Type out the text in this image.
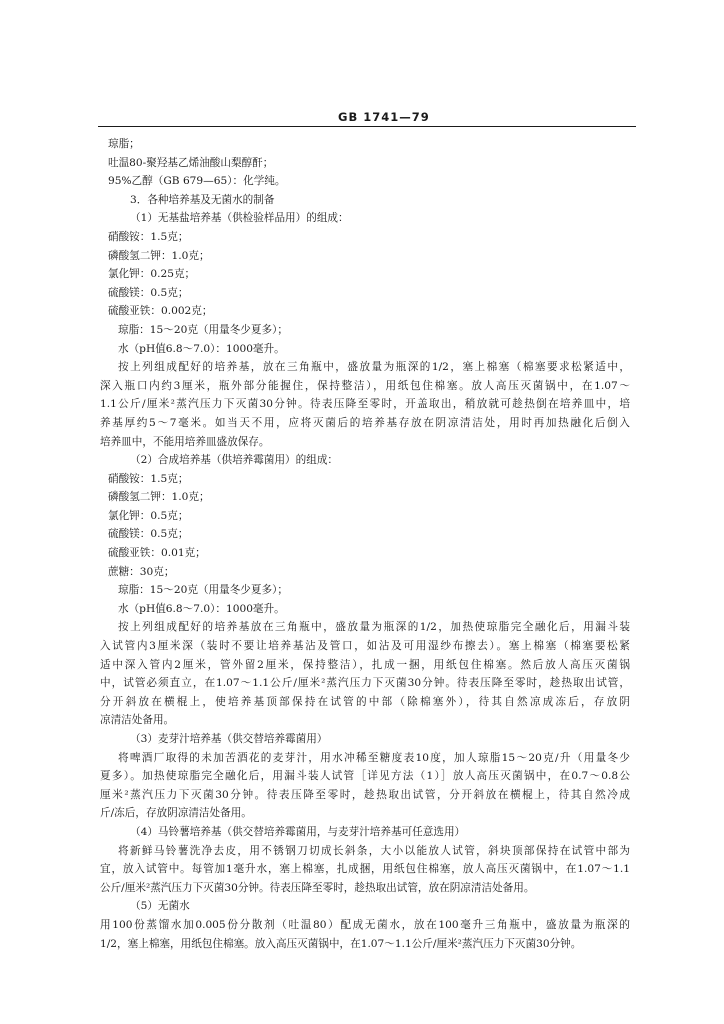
GB 1741—79
琼脂；
吐温80-聚羟基乙烯油酸山梨醇酐；
95%乙醇（GB 679—65）：化学纯。
3．各种培养基及无菌水的制备
（1）无基盐培养基（供检验样品用）的组成：
硝酸铵：1.5克；
磷酸氢二钾：1.0克；
氯化钾：0.25克；
硫酸镁：0.5克；
硫酸亚铁：0.002克；
琼脂：15～20克（用量冬少夏多）；
水（pH值6.8～7.0）：1000毫升。
按上列组成配好的培养基，放在三角瓶中，盛放量为瓶深的1/2，塞上棉塞（棉塞要求松紧适中，
深入瓶口内约3厘米，瓶外部分能握住，保持整洁），用纸包住棉塞。放人高压灭菌锅中，在1.07～
1.1公斤/厘米²蒸汽压力下灭菌30分钟。待表压降至零时，开盖取出，稍放就可趁热倒在培养皿中，培
养基厚约5～7毫米。如当天不用，应将灭菌后的培养基存放在阴凉清洁处，用时再加热融化后倒入
培养皿中，不能用培养皿盛放保存。
（2）合成培养基（供培养霉菌用）的组成：
硝酸铵：1.5克；
磷酸氢二钾：1.0克；
氯化钾：0.5克；
硫酸镁：0.5克；
硫酸亚铁：0.01克；
蔗糖：30克；
琼脂：15～20克（用量冬少夏多）；
水（pH值6.8～7.0）：1000毫升。
按上列组成配好的培养基放在三角瓶中，盛放量为瓶深的1/2，加热使琼脂完全融化后，用漏斗装
入试管内3厘米深（装时不要让培养基沾及管口，如沾及可用湿纱布擦去）。塞上棉塞（棉塞要松紧
适中深入管内2厘米，管外留2厘米，保持整洁），扎成一捆，用纸包住棉塞。然后放人高压灭菌锅
中，试管必须直立，在1.07～1.1公斤/厘米²蒸汽压力下灭菌30分钟。待表压降至零时，趁热取出试管，
分开斜放在横棍上，使培养基顶部保持在试管的中部（除棉塞外），待其自然凉成冻后，存放阴
凉清洁处备用。
（3）麦芽汁培养基（供交替培养霉菌用）
将啤酒厂取得的未加苦酒花的麦芽汁，用水冲稀至糖度表10度，加人琼脂15～20克/升（用量冬少
夏多）。加热使琼脂完全融化后，用漏斗装人试管［详见方法（1）］放人高压灭菌锅中，在0.7～0.8公
厘米²蒸汽压力下灭菌30分钟。待表压降至零时，趁热取出试管，分开斜放在横棍上，待其自然冷成
斤/冻后，存放阴凉清洁处备用。
（4）马铃薯培养基（供交替培养霉菌用，与麦芽汁培养基可任意选用）
将新鲜马铃薯洗净去皮，用不锈钢刀切成长斜条，大小以能放人试管，斜块顶部保持在试管中部为
宜，放入试管中。每管加1毫升水，塞上棉塞，扎成捆，用纸包住棉塞，放人高压灭菌锅中，在1.07～1.1
公斤/厘米²蒸汽压力下灭菌30分钟。待表压降至零时，趁热取出试管，放在阴凉清洁处备用。
（5）无菌水
用100份蒸馏水加0.005份分散剂（吐温80）配成无菌水，放在100毫升三角瓶中，盛放量为瓶深的
1/2，塞上棉塞，用纸包住棉塞。放入高压灭菌锅中，在1.07～1.1公斤/厘米²蒸汽压力下灭菌30分钟。
